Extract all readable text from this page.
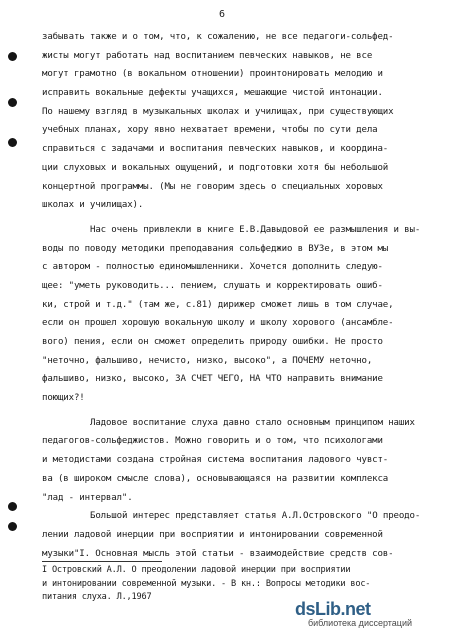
6
забывать также и о том, что, к сожалению, не все педагоги-сольфед-
жисты могут работать над воспитанием певческих навыков, не все
могут грамотно (в вокальном отношении) проинтонировать мелодию и
исправить вокальные дефекты учащихся, мешающие чистой интонации.
По нашему взгляд в музыкальных школах и училищах, при существующих
учебных планах, хору явно нехватает времени, чтобы по сути дела
справиться с задачами и воспитания певческих навыков, и координа-
ции слуховых и вокальных ощущений, и подготовки хотя бы небольшой
концертной программы. (Мы не говорим здесь о специальных хоровых
школах и училищах).
Нас очень привлекли в книге Е.В.Давыдовой ее размышления и вы-
воды по поводу методики преподавания сольфеджио в ВУЗе, в этом мы
с автором - полностью единомышленники. Хочется дополнить следую-
щее: "уметь руководить... пением, слушать и корректировать ошиб-
ки, строй и т.д." (там же, с.81) дирижер сможет лишь в том случае,
если он прошел хорошую вокальную школу и школу хорового (ансамбле-
вого) пения, если он сможет определить природу ошибки. Не просто
"неточно, фальшиво, нечисто, низко, высоко", а ПОЧЕМУ неточно,
фальшиво, низко, высоко, ЗА СЧЕТ ЧЕГО, НА ЧТО направить внимание
поющих?!
Ладовое воспитание слуха давно стало основным принципом наших
педагогов-сольфеджистов. Можно говорить и о том, что психологами
и методистами создана стройная система воспитания ладового чувст-
ва (в широком смысле слова), основывающаяся на развитии комплекса
"лад - интервал".
Большой интерес представляет статья А.Л.Островского "О преодо-
лении ладовой инерции при восприятии и интонировании современной
музыки"I. Основная мысль этой статьи - взаимодействие средств сов-
I Островский А.Л. О преодолении ладовой инерции при восприятии
и интонировании современной музыки. - В кн.: Вопросы методики вос-
питания слуха. Л.,1967
dsLib.net
библиотека диссертаций
